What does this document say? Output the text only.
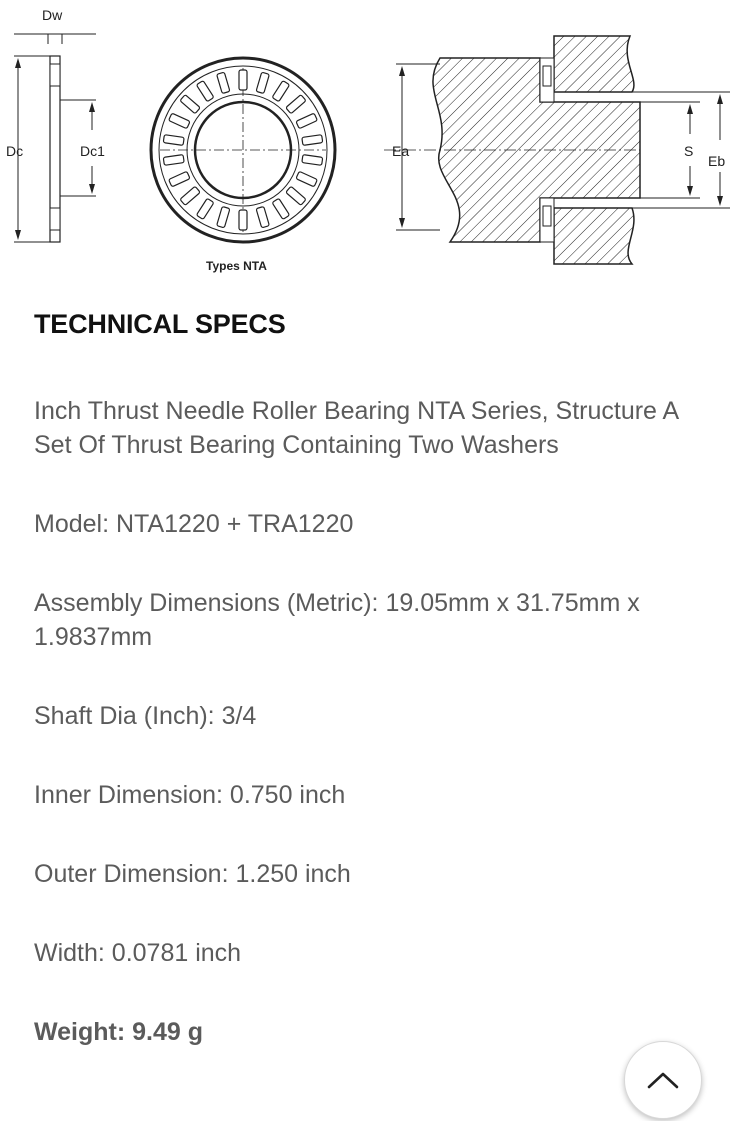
Dw
Dc	Dc1
Types NTA
Ea	S
Eb
TECHNICAL SPECS

Inch Thrust Needle Roller Bearing NTA Series, Structure A Set Of Thrust Bearing Containing Two Washers

Model: NTA1220 + TRA1220

Assembly Dimensions (Metric): 19.05mm x 31.75mm x 1.9837mm

Shaft Dia (Inch): 3/4

Inner Dimension: 0.750 inch

Outer Dimension: 1.250 inch

Width: 0.0781 inch

Weight: 9.49 g
